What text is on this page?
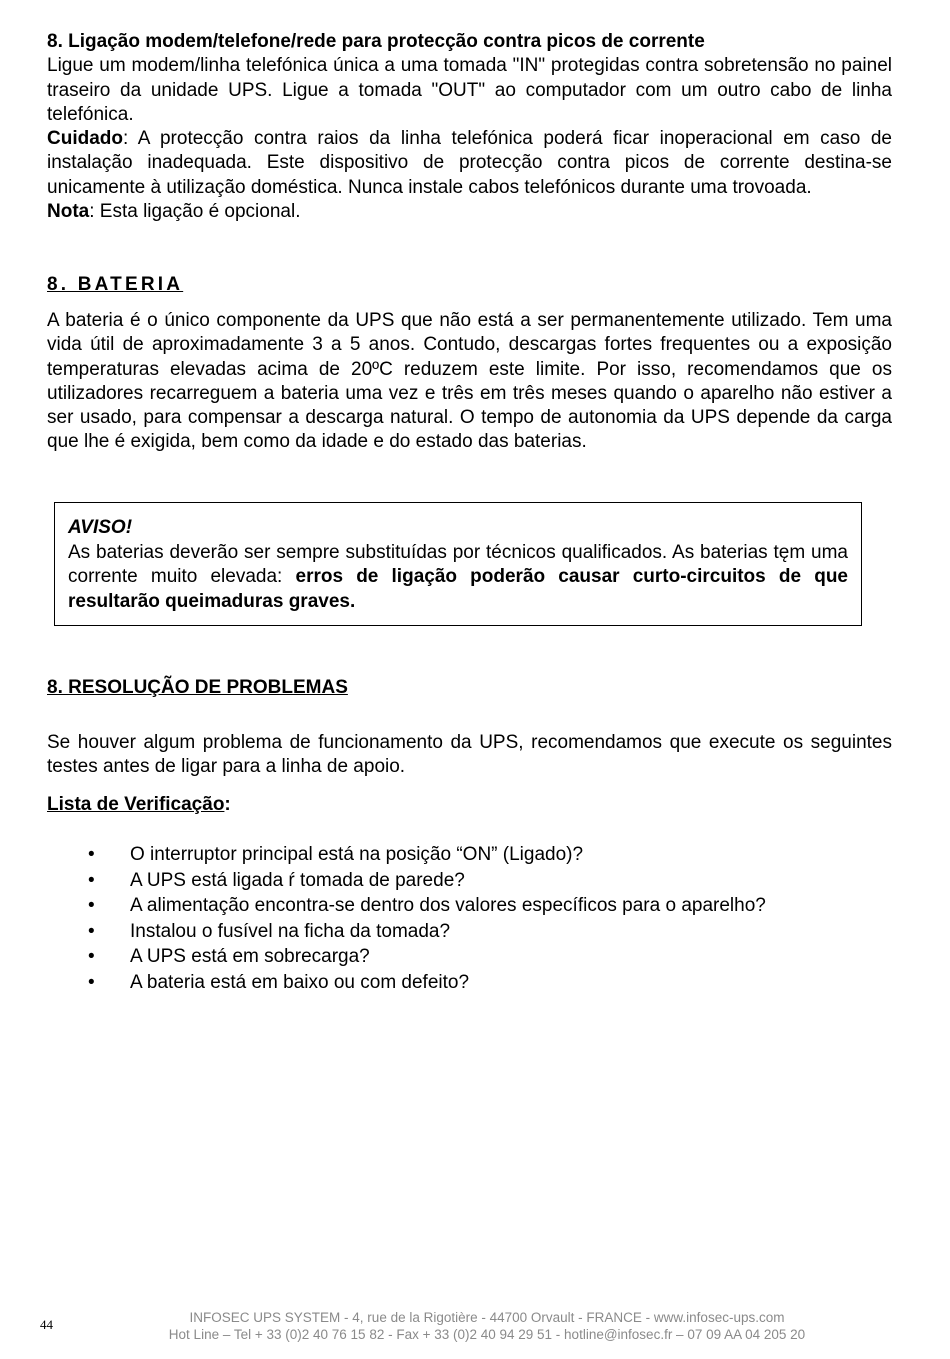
8. Ligação modem/telefone/rede para protecção contra picos de corrente

Ligue um modem/linha telefónica única a uma tomada "IN" protegidas contra sobretensão no painel traseiro da unidade UPS. Ligue a tomada "OUT" ao computador com um outro cabo de linha telefónica.

Cuidado: A protecção contra raios da linha telefónica poderá ficar inoperacional em caso de instalação inadequada. Este dispositivo de protecção contra picos de corrente destina-se unicamente à utilização doméstica. Nunca instale cabos telefónicos durante uma trovoada.

Nota: Esta ligação é opcional.

8. BATERIA

A bateria é o único componente da UPS que não está a ser permanentemente utilizado. Tem uma vida útil de aproximadamente 3 a 5 anos. Contudo, descargas fortes frequentes ou a exposição temperaturas elevadas acima de 20ºC reduzem este limite. Por isso, recomendamos que os utilizadores recarreguem a bateria uma vez e três em três meses quando o aparelho não estiver a ser usado, para compensar a descarga natural. O tempo de autonomia da UPS depende da carga que lhe é exigida, bem como da idade e do estado das baterias.

AVISO!

As baterias deverão ser sempre substituídas por técnicos qualificados. As baterias tęm uma corrente muito elevada: erros de ligação poderão causar curto-circuitos de que resultarão queimaduras graves.

8. RESOLUÇÃO DE PROBLEMAS

Se houver algum problema de funcionamento da UPS, recomendamos que execute os seguintes testes antes de ligar para a linha de apoio.

Lista de Verificação:

• O interruptor principal está na posição “ON” (Ligado)?
• A UPS está ligada ŕ tomada de parede?
• A alimentação encontra-se dentro dos valores específicos para o aparelho?
• Instalou o fusível na ficha da tomada?
• A UPS está em sobrecarga?
• A bateria está em baixo ou com defeito?
44	INFOSEC UPS SYSTEM - 4, rue de la Rigotière - 44700 Orvault - FRANCE - www.infosec-ups.com

Hot Line – Tel + 33 (0)2 40 76 15 82 - Fax + 33 (0)2 40 94 29 51 - hotline@infosec.fr – 07 09 AA 04 205 20
